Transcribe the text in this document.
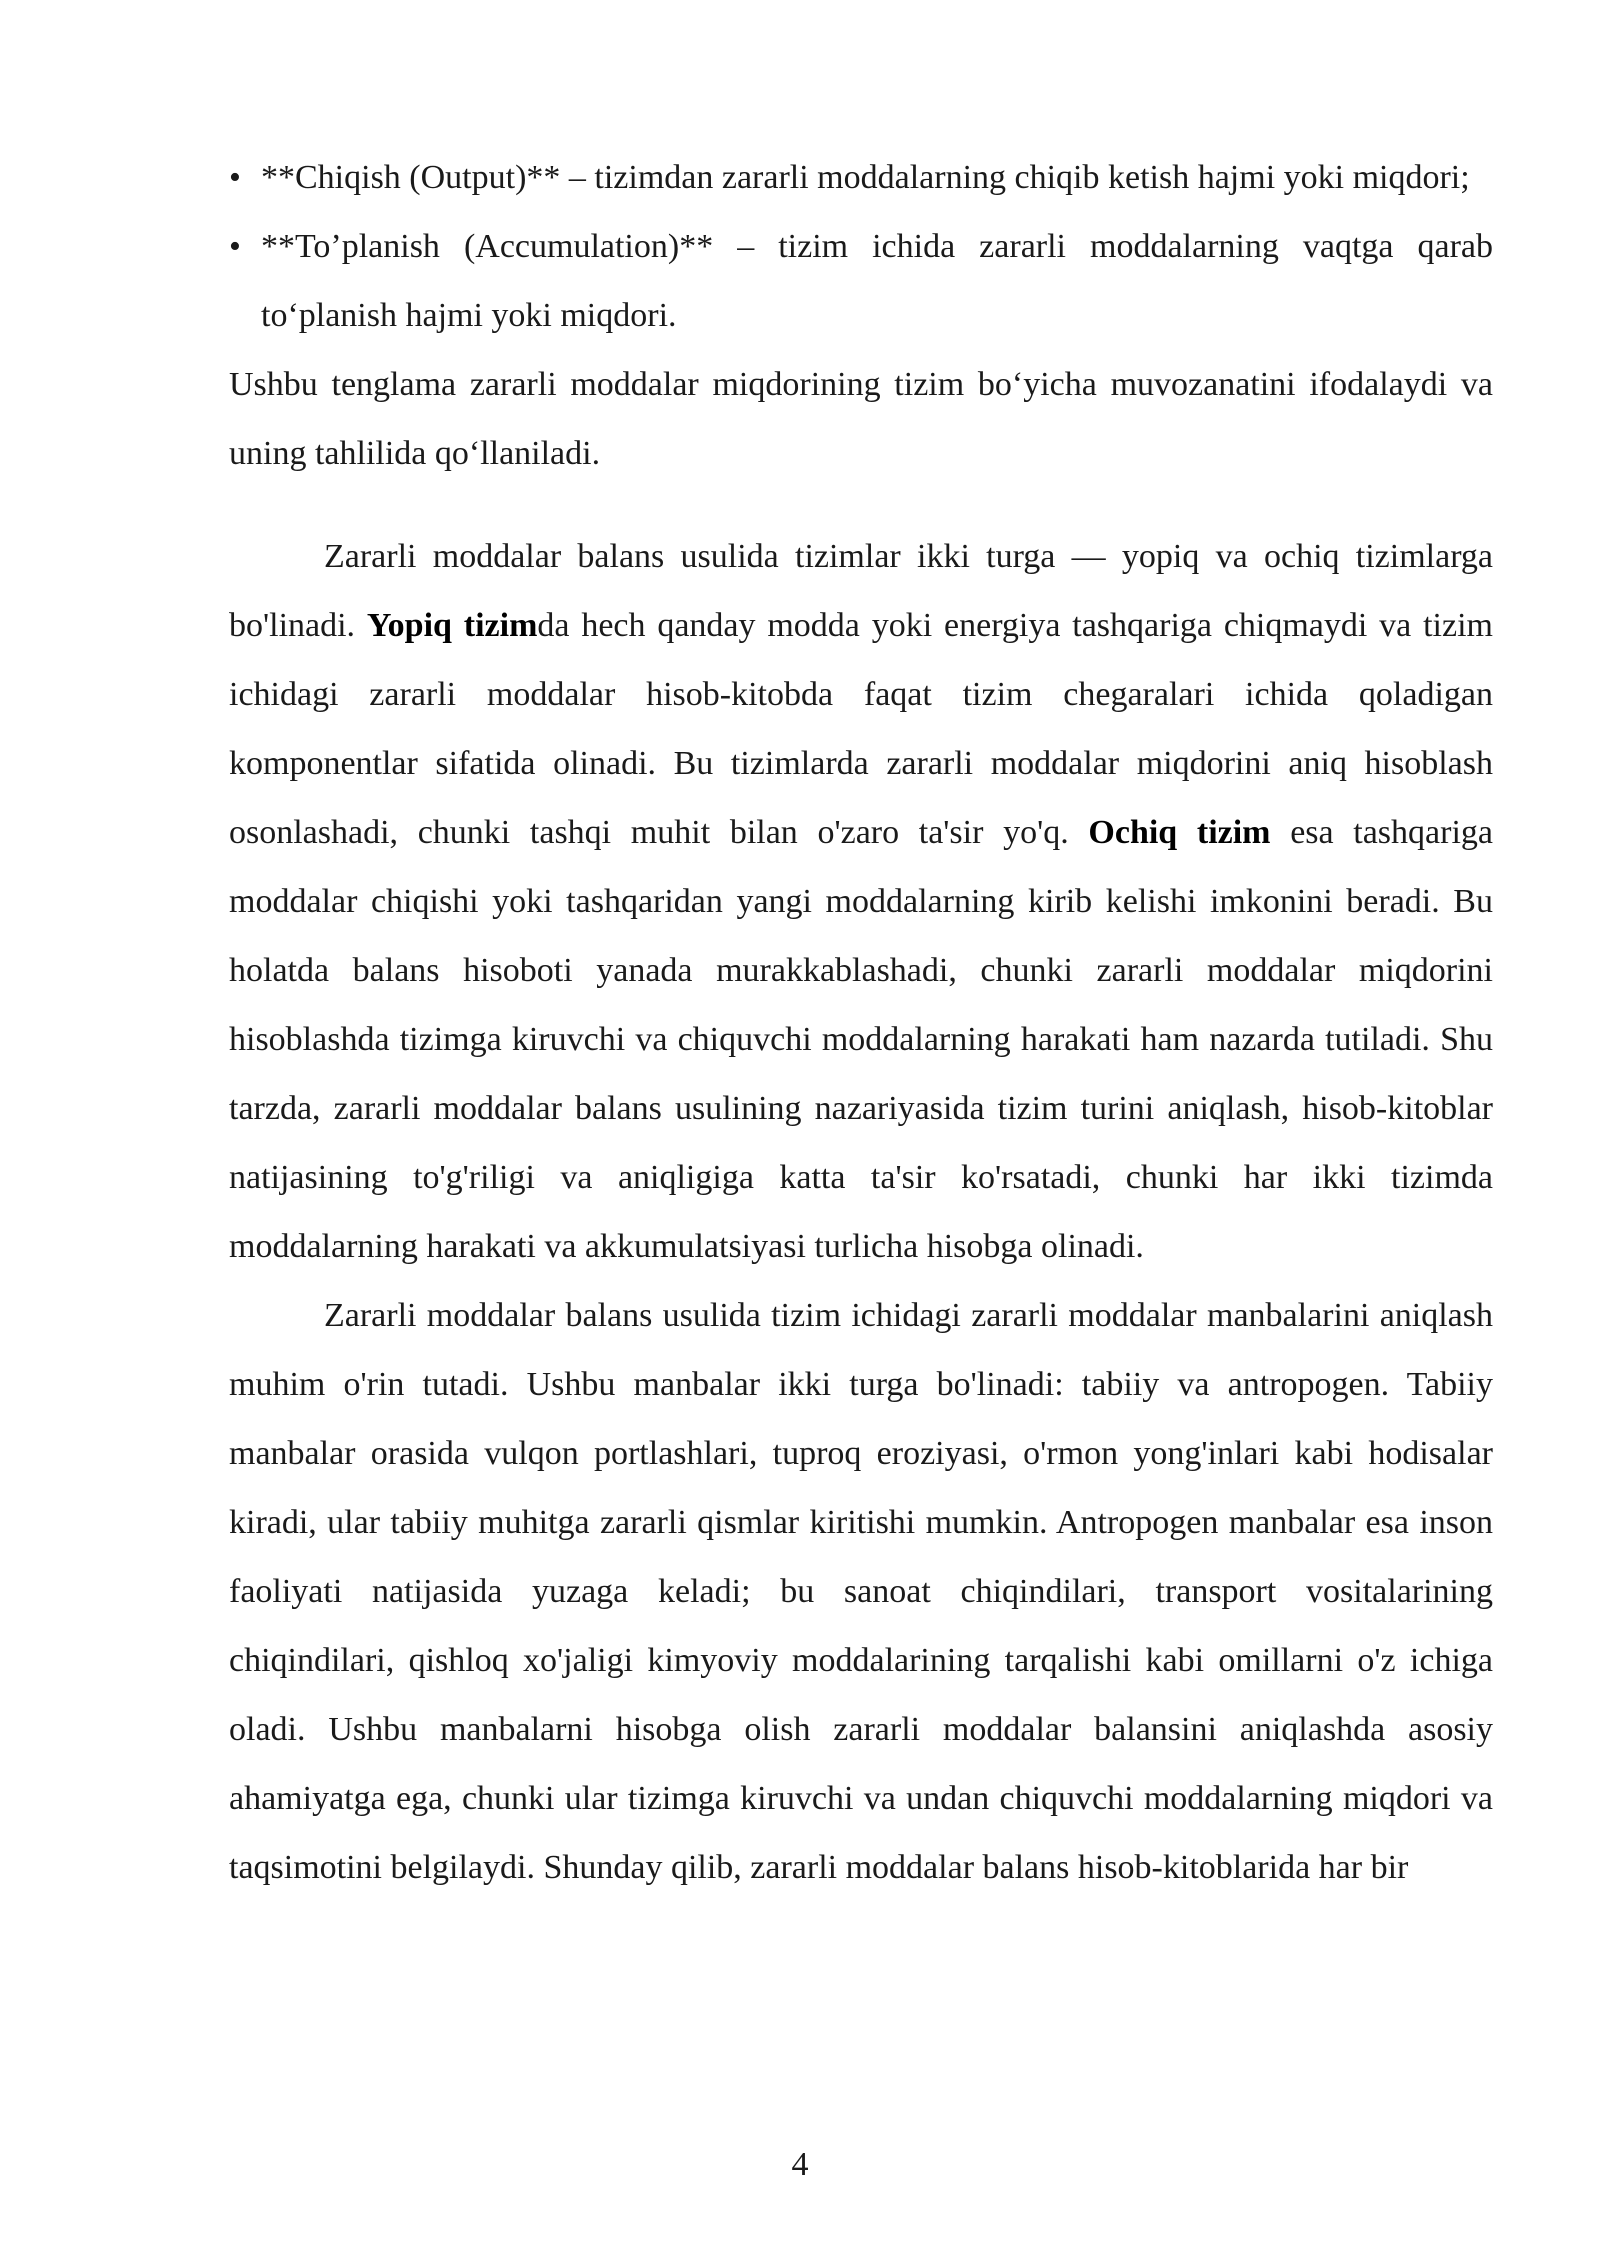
• **Chiqish (Output)** – tizimdan zararli moddalarning chiqib ketish hajmi yoki miqdori;
• **To’planish (Accumulation)** – tizim ichida zararli moddalarning vaqtga qarab to‘planish hajmi yoki miqdori.

Ushbu tenglama zararli moddalar miqdorining tizim bo‘yicha muvozanatini ifodalaydi va uning tahlilida qo‘llaniladi.

Zararli moddalar balans usulida tizimlar ikki turga — yopiq va ochiq tizimlarga bo'linadi. Yopiq tizimda hech qanday modda yoki energiya tashqariga chiqmaydi va tizim ichidagi zararli moddalar hisob-kitobda faqat tizim chegaralari ichida qoladigan komponentlar sifatida olinadi. Bu tizimlarda zararli moddalar miqdorini aniq hisoblash osonlashadi, chunki tashqi muhit bilan o'zaro ta'sir yo'q. Ochiq tizim esa tashqariga moddalar chiqishi yoki tashqaridan yangi moddalarning kirib kelishi imkonini beradi. Bu holatda balans hisoboti yanada murakkablashadi, chunki zararli moddalar miqdorini hisoblashda tizimga kiruvchi va chiquvchi moddalarning harakati ham nazarda tutiladi. Shu tarzda, zararli moddalar balans usulining nazariyasida tizim turini aniqlash, hisob-kitoblar natijasining to'g'riligi va aniqligiga katta ta'sir ko'rsatadi, chunki har ikki tizimda moddalarning harakati va akkumulatsiyasi turlicha hisobga olinadi.

Zararli moddalar balans usulida tizim ichidagi zararli moddalar manbalarini aniqlash muhim o'rin tutadi. Ushbu manbalar ikki turga bo'linadi: tabiiy va antropogen. Tabiiy manbalar orasida vulqon portlashlari, tuproq eroziyasi, o'rmon yong'inlari kabi hodisalar kiradi, ular tabiiy muhitga zararli qismlar kiritishi mumkin. Antropogen manbalar esa inson faoliyati natijasida yuzaga keladi; bu sanoat chiqindilari, transport vositalarining chiqindilari, qishloq xo'jaligi kimyoviy moddalarining tarqalishi kabi omillarni o'z ichiga oladi. Ushbu manbalarni hisobga olish zararli moddalar balansini aniqlashda asosiy ahamiyatga ega, chunki ular tizimga kiruvchi va undan chiquvchi moddalarning miqdori va taqsimotini belgilaydi. Shunday qilib, zararli moddalar balans hisob-kitoblarida har bir

4
